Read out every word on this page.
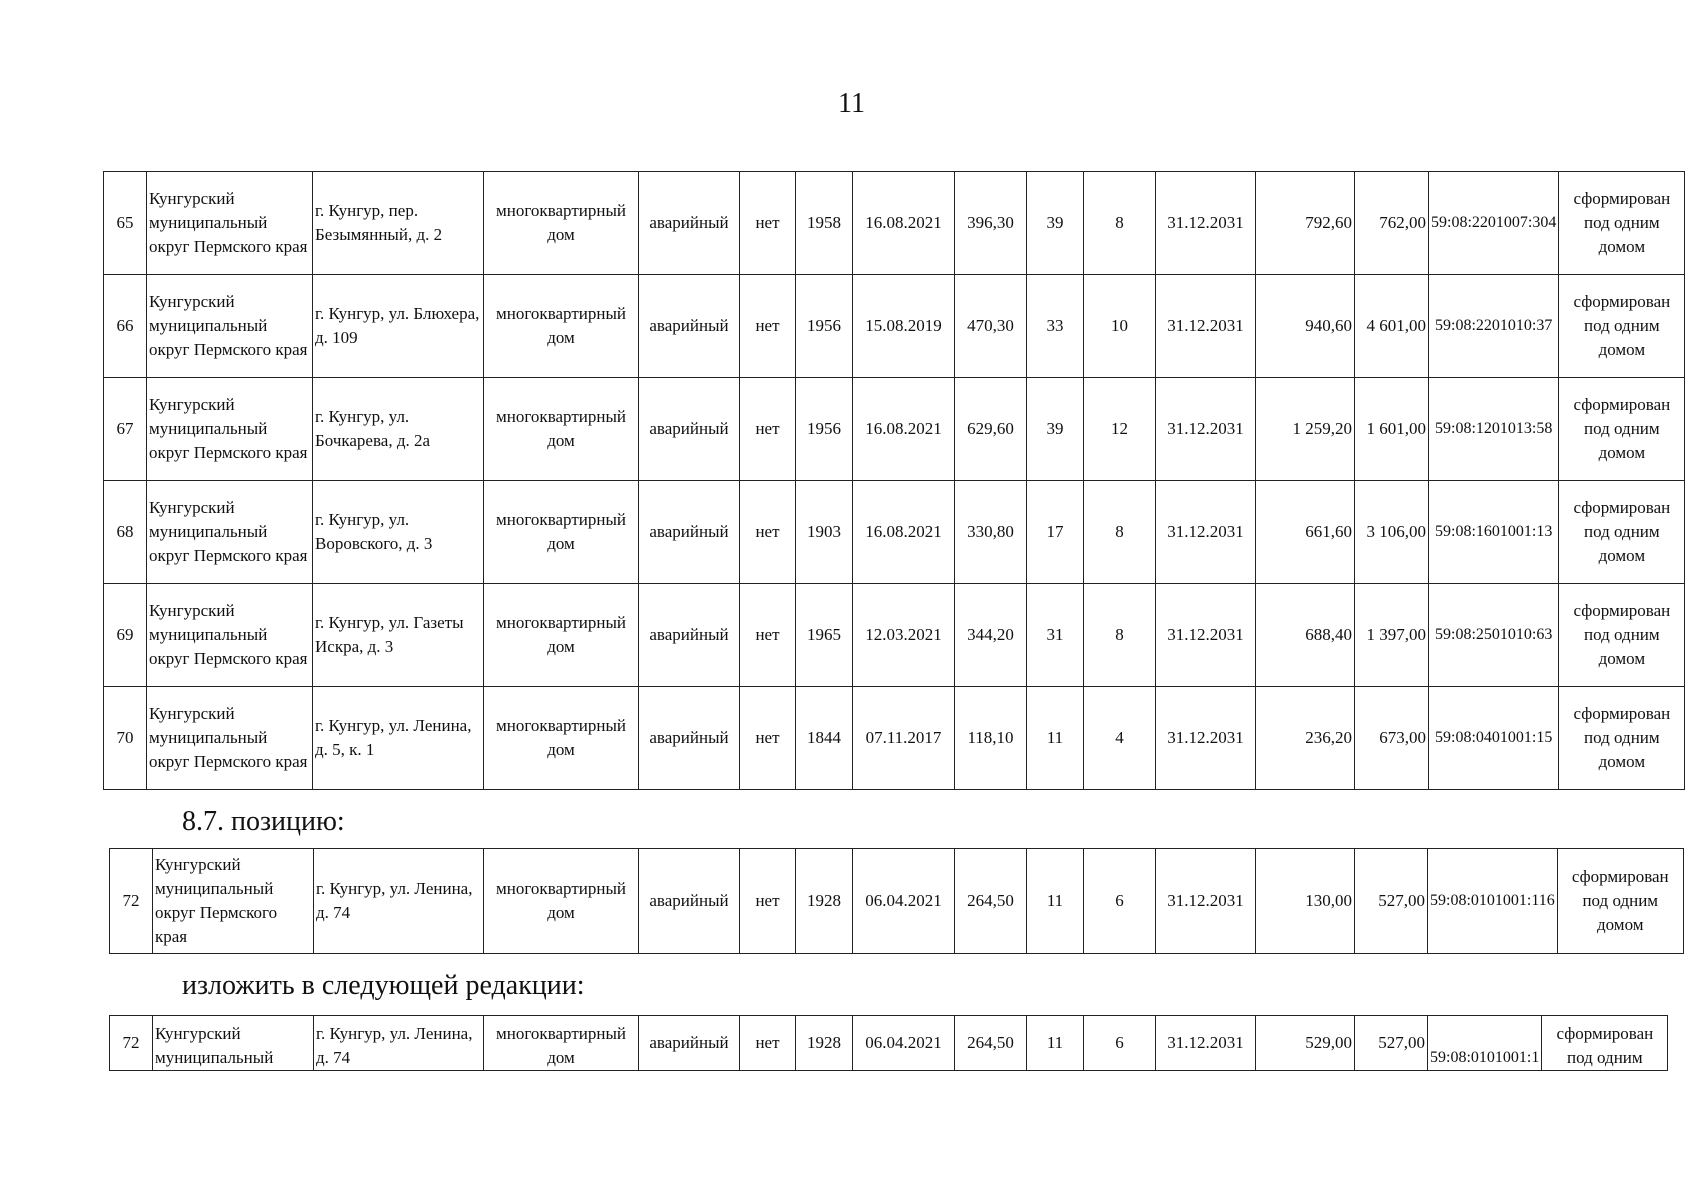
11
65	Кунгурский муниципальный округ Пермского края	г. Кунгур, пер. Безымянный, д. 2	многоквартирный дом	аварийный	нет	1958	16.08.2021	396,30	39	8	31.12.2031	792,60	762,00	59:08:2201007:304	сформирован под одним домом
66	Кунгурский муниципальный округ Пермского края	г. Кунгур, ул. Блюхера, д. 109	многоквартирный дом	аварийный	нет	1956	15.08.2019	470,30	33	10	31.12.2031	940,60	4 601,00	59:08:2201010:37	сформирован под одним домом
67	Кунгурский муниципальный округ Пермского края	г. Кунгур, ул. Бочкарева, д. 2а	многоквартирный дом	аварийный	нет	1956	16.08.2021	629,60	39	12	31.12.2031	1 259,20	1 601,00	59:08:1201013:58	сформирован под одним домом
68	Кунгурский муниципальный округ Пермского края	г. Кунгур, ул. Воровского, д. 3	многоквартирный дом	аварийный	нет	1903	16.08.2021	330,80	17	8	31.12.2031	661,60	3 106,00	59:08:1601001:13	сформирован под одним домом
69	Кунгурский муниципальный округ Пермского края	г. Кунгур, ул. Газеты Искра, д. 3	многоквартирный дом	аварийный	нет	1965	12.03.2021	344,20	31	8	31.12.2031	688,40	1 397,00	59:08:2501010:63	сформирован под одним домом
70	Кунгурский муниципальный округ Пермского края	г. Кунгур, ул. Ленина, д. 5, к. 1	многоквартирный дом	аварийный	нет	1844	07.11.2017	118,10	11	4	31.12.2031	236,20	673,00	59:08:0401001:15	сформирован под одним домом
8.7. позицию:
72	Кунгурский муниципальный округ Пермского края	г. Кунгур, ул. Ленина, д. 74	многоквартирный дом	аварийный	нет	1928	06.04.2021	264,50	11	6	31.12.2031	130,00	527,00	59:08:0101001:116	сформирован под одним домом
изложить в следующей редакции:
72	Кунгурский муниципальный	г. Кунгур, ул. Ленина, д. 74	многоквартирный дом	аварийный	нет	1928	06.04.2021	264,50	11	6	31.12.2031	529,00	527,00	59:08:0101001:1	сформирован под одним
